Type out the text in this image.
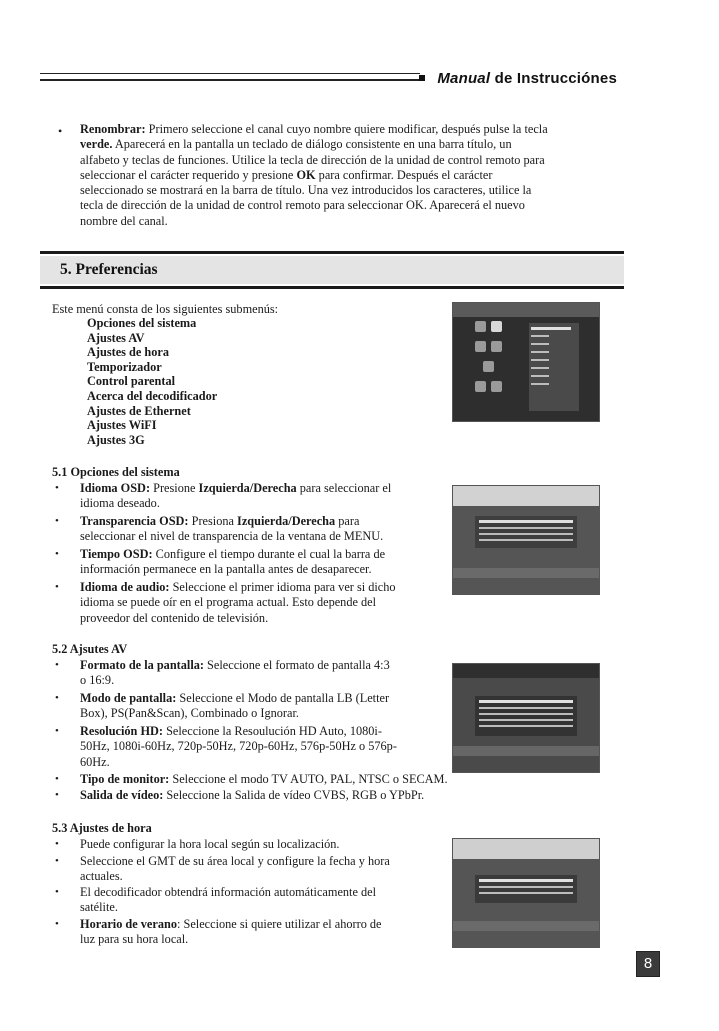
Manual de Instrucciónes
• Renombrar: Primero seleccione el canal cuyo nombre quiere modificar, después pulse la tecla
verde. Aparecerá en la pantalla un teclado de diálogo consistente en una barra título, un
alfabeto y teclas de funciones. Utilice la tecla de dirección de la unidad de control remoto para
seleccionar el carácter requerido y presione OK para confirmar. Después el carácter
seleccionado se mostrará en la barra de título. Una vez introducidos los caracteres, utilice la
tecla de dirección de la unidad de control remoto para seleccionar OK. Aparecerá el nuevo
nombre del canal.
5. Preferencias
Este menú consta de los siguientes submenús:
Opciones del sistema
Ajustes AV
Ajustes de hora
Temporizador
Control parental
Acerca del decodificador
Ajustes de Ethernet
Ajustes WiFI
Ajustes 3G
5.1 Opciones del sistema
• Idioma OSD: Presione Izquierda/Derecha para seleccionar el
idioma deseado.
• Transparencia OSD: Presiona Izquierda/Derecha para
seleccionar el nivel de transparencia de la ventana de MENU.
• Tiempo OSD: Configure el tiempo durante el cual la barra de
información permanece en la pantalla antes de desaparecer.
• Idioma de audio: Seleccione el primer idioma para ver si dicho
idioma se puede oír en el programa actual. Esto depende del
proveedor del contenido de televisión.
5.2 Ajsutes AV
• Formato de la pantalla: Seleccione el formato de pantalla 4:3
o 16:9.
• Modo de pantalla: Seleccione el Modo de pantalla LB (Letter
Box), PS(Pan&Scan), Combinado o Ignorar.
• Resolución HD: Seleccione la Resoulución HD Auto, 1080i-
50Hz, 1080i-60Hz, 720p-50Hz, 720p-60Hz, 576p-50Hz o 576p-
60Hz.
• Tipo de monitor: Seleccione el modo TV AUTO, PAL, NTSC o SECAM.
• Salida de vídeo: Seleccione la Salida de vídeo CVBS, RGB o YPbPr.
5.3 Ajustes de hora
• Puede configurar la hora local según su localización.
• Seleccione el GMT de su área local y configure la fecha y hora
actuales.
• El decodificador obtendrá información automáticamente del
satélite.
• Horario de verano: Seleccione si quiere utilizar el ahorro de
luz para su hora local.
8
